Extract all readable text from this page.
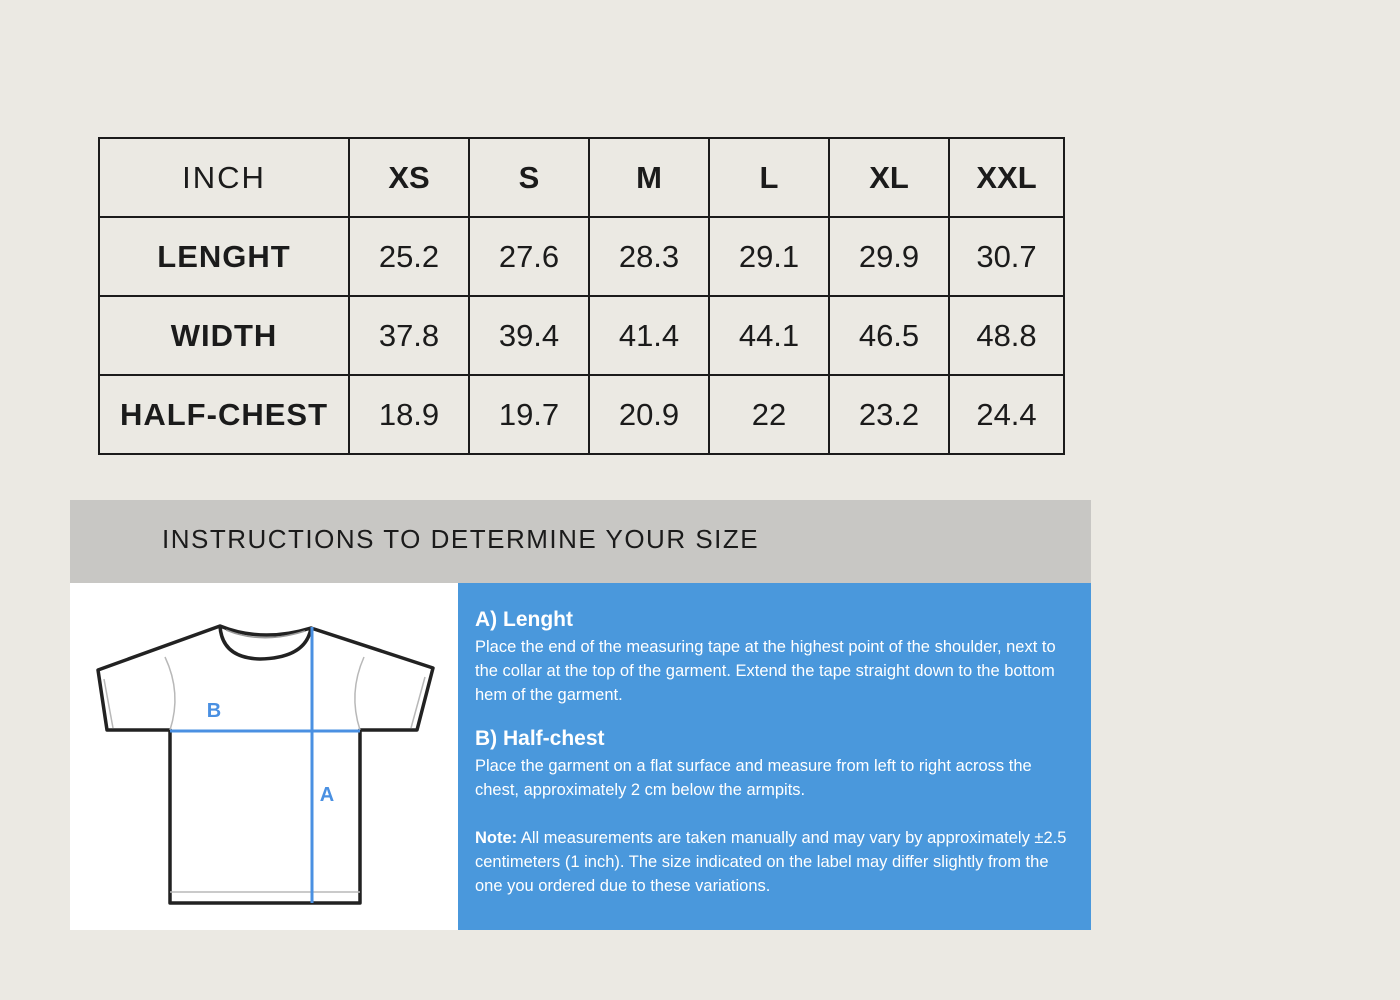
INCH	XS	S	M	L	XL	XXL
LENGHT	25.2	27.6	28.3	29.1	29.9	30.7
WIDTH	37.8	39.4	41.4	44.1	46.5	48.8
HALF-CHEST	18.9	19.7	20.9	22	23.2	24.4
INSTRUCTIONS TO DETERMINE YOUR SIZE
B
A

A) Lenght

Place the end of the measuring tape at the highest point of the shoulder, next to the collar at the top of the garment. Extend the tape straight down to the bottom hem of the garment.

B) Half-chest

Place the garment on a flat surface and measure from left to right across the chest, approximately 2 cm below the armpits.

Note: All measurements are taken manually and may vary by approximately ±2.5 centimeters (1 inch). The size indicated on the label may differ slightly from the one you ordered due to these variations.
